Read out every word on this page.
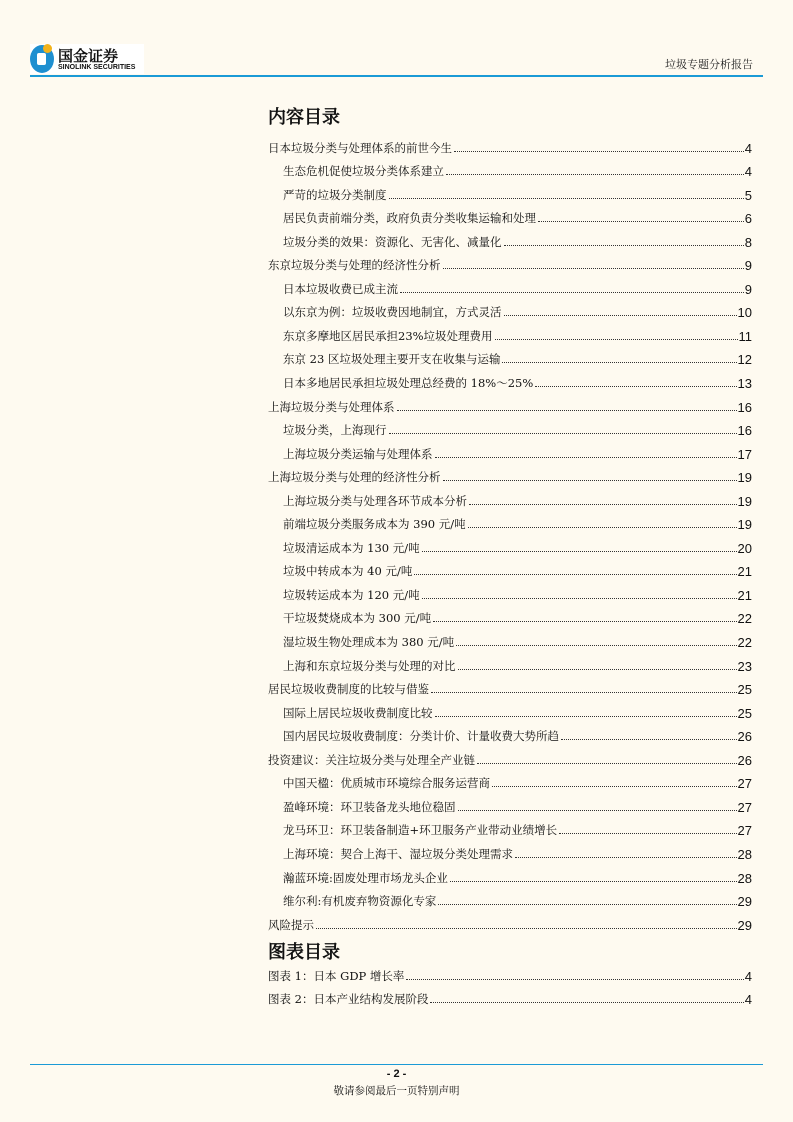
国金证券
SINOLINK SECURITIES	垃圾专题分析报告
内容目录
日本垃圾分类与处理体系的前世今生	4
生态危机促使垃圾分类体系建立	4
严苛的垃圾分类制度	5
居民负责前端分类，政府负责分类收集运输和处理	6
垃圾分类的效果：资源化、无害化、减量化	8
东京垃圾分类与处理的经济性分析	9
日本垃圾收费已成主流	9
以东京为例：垃圾收费因地制宜，方式灵活	10
东京多摩地区居民承担23%垃圾处理费用	11
东京 23 区垃圾处理主要开支在收集与运输	12
日本多地居民承担垃圾处理总经费的 18%～25%	13
上海垃圾分类与处理体系	16
垃圾分类，上海现行	16
上海垃圾分类运输与处理体系	17
上海垃圾分类与处理的经济性分析	19
上海垃圾分类与处理各环节成本分析	19
前端垃圾分类服务成本为 390 元/吨	19
垃圾清运成本为 130 元/吨	20
垃圾中转成本为 40 元/吨	21
垃圾转运成本为 120 元/吨	21
干垃圾焚烧成本为 300 元/吨	22
湿垃圾生物处理成本为 380 元/吨	22
上海和东京垃圾分类与处理的对比	23
居民垃圾收费制度的比较与借鉴	25
国际上居民垃圾收费制度比较	25
国内居民垃圾收费制度：分类计价、计量收费大势所趋	26
投资建议：关注垃圾分类与处理全产业链	26
中国天楹：优质城市环境综合服务运营商	27
盈峰环境：环卫装备龙头地位稳固	27
龙马环卫：环卫装备制造+环卫服务产业带动业绩增长	27
上海环境：契合上海干、湿垃圾分类处理需求	28
瀚蓝环境:固废处理市场龙头企业	28
维尔利:有机废弃物资源化专家	29
风险提示	29
图表目录
图表 1：日本 GDP 增长率	4
图表 2：日本产业结构发展阶段	4
- 2 -
敬请参阅最后一页特别声明
